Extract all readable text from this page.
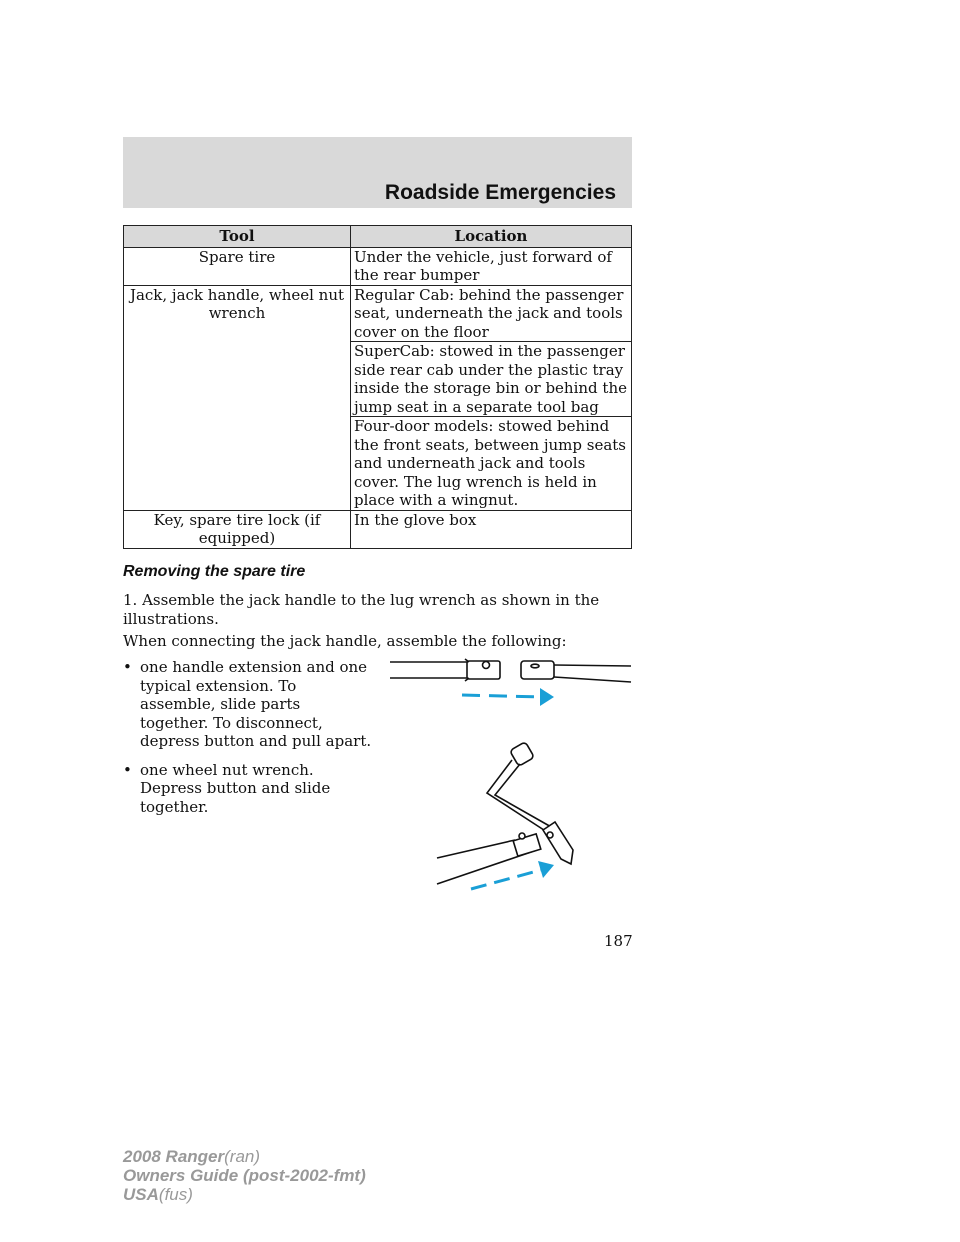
Roadside Emergencies
Tool	Location
Spare tire	Under the vehicle, just forward of the rear bumper
Jack, jack handle, wheel nut wrench	Regular Cab: behind the passenger seat, underneath the jack and tools cover on the floor
	SuperCab: stowed in the passenger side rear cab under the plastic tray inside the storage bin or behind the jump seat in a separate tool bag
	Four-door models: stowed behind the front seats, between jump seats and underneath jack and tools cover. The lug wrench is held in place with a wingnut.
Key, spare tire lock (if equipped)	In the glove box
Removing the spare tire
1. Assemble the jack handle to the lug wrench as shown in the illustrations.
When connecting the jack handle, assemble the following:
• one handle extension and one typical extension. To assemble, slide parts together. To disconnect, depress button and pull apart.
• one wheel nut wrench. Depress button and slide together.
187
2008 Ranger(ran)
Owners Guide (post-2002-fmt)
USA(fus)
